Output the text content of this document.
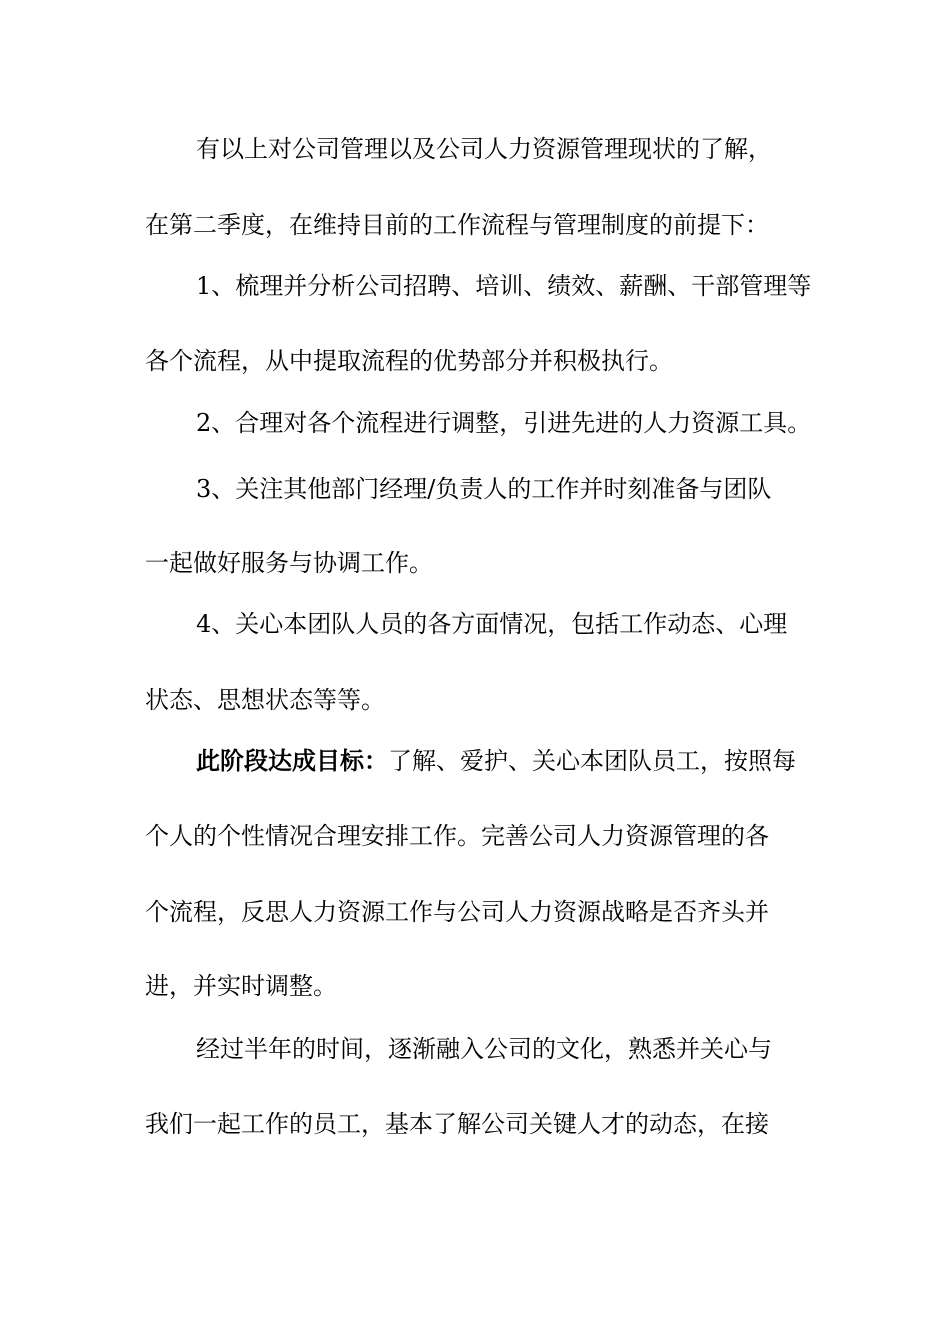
有以上对公司管理以及公司人力资源管理现状的了解，
在第二季度，在维持目前的工作流程与管理制度的前提下：
1、梳理并分析公司招聘、培训、绩效、薪酬、干部管理等
各个流程，从中提取流程的优势部分并积极执行。
2、合理对各个流程进行调整，引进先进的人力资源工具。
3、关注其他部门经理/负责人的工作并时刻准备与团队
一起做好服务与协调工作。
4、关心本团队人员的各方面情况，包括工作动态、心理
状态、思想状态等等。
此阶段达成目标：了解、爱护、关心本团队员工，按照每
个人的个性情况合理安排工作。完善公司人力资源管理的各
个流程，反思人力资源工作与公司人力资源战略是否齐头并
进，并实时调整。
经过半年的时间，逐渐融入公司的文化，熟悉并关心与
我们一起工作的员工，基本了解公司关键人才的动态，在接
